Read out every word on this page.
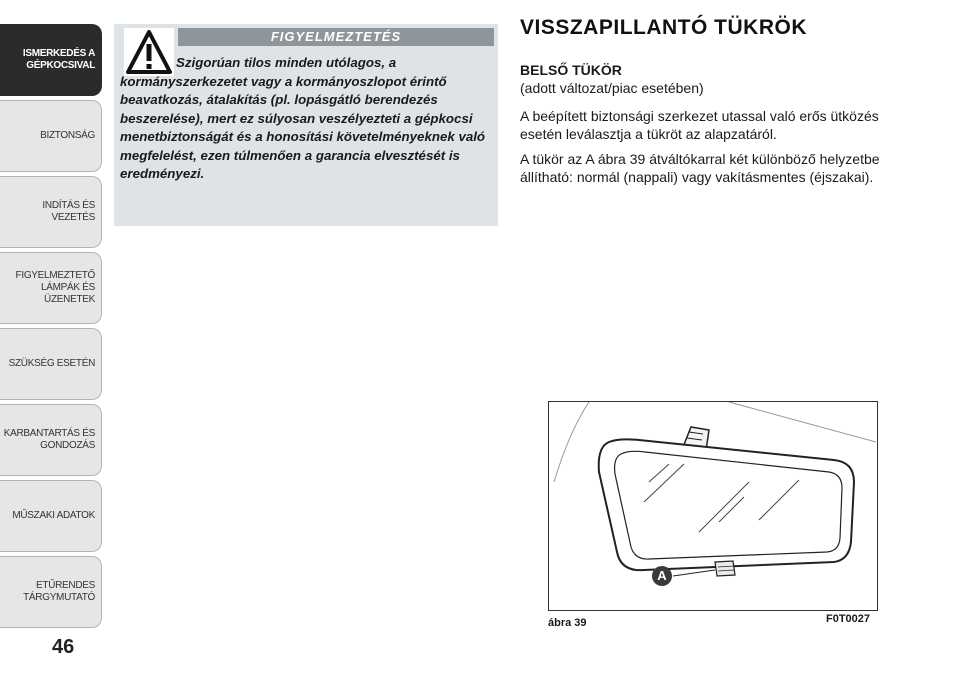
ISMERKEDÉS A
GÉPKOCSIVAL
BIZTONSÁG
INDÍTÁS ÉS VEZETÉS
FIGYELMEZTETŐ
LÁMPÁK ÉS
ÜZENETEK
SZÜKSÉG ESETÉN
KARBANTARTÁS ÉS
GONDOZÁS
MŰSZAKI ADATOK
ETŰRENDES
TÁRGYMUTATÓ
46
FIGYELMEZTETÉS
Szigorúan tilos minden utólagos, a kormányszerkezetet vagy a kormányoszlopot érintő beavatkozás, átalakítás (pl. lopásgátló berendezés beszerelése), mert ez súlyosan veszélyezteti a gépkocsi menetbiztonságát és a honosítási követelményeknek való megfelelést, ezen túlmenően a garancia elvesztését is eredményezi.
VISSZAPILLANTÓ TÜKRÖK
BELSŐ TÜKÖR
(adott változat/piac esetében)
A beépített biztonsági szerkezet utassal való erős ütközés esetén leválasztja a tükröt az alapzatáról.
A tükör az A ábra 39 átváltókarral két különböző helyzetbe állítható: normál (nappali) vagy vakításmentes (éjszakai).
A
ábra 39	F0T0027
